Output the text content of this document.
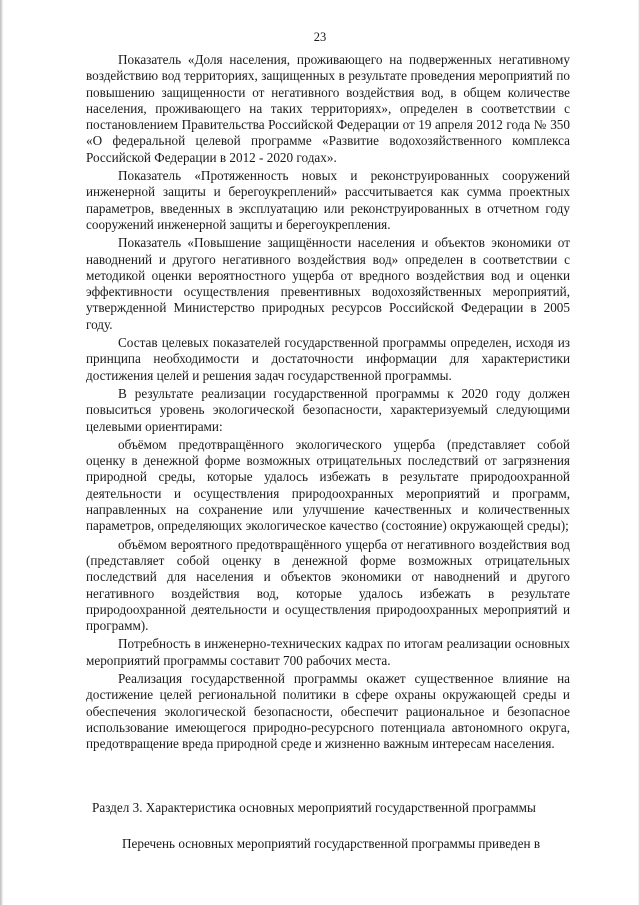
23

Показатель «Доля населения, проживающего на подверженных негативному воздействию вод территориях, защищенных в результате проведения мероприятий по повышению защищенности от негативного воздействия вод, в общем количестве населения, проживающего на таких территориях», определен в соответствии с постановлением Правительства Российской Федерации от 19 апреля 2012 года № 350 «О федеральной целевой программе «Развитие водохозяйственного комплекса Российской Федерации в 2012 - 2020 годах».

Показатель «Протяженность новых и реконструированных сооружений инженерной защиты и берегоукреплений» рассчитывается как сумма проектных параметров, введенных в эксплуатацию или реконструированных в отчетном году сооружений инженерной защиты и берегоукрепления.

Показатель «Повышение защищённости населения и объектов экономики от наводнений и другого негативного воздействия вод» определен в соответствии с методикой оценки вероятностного ущерба от вредного воздействия вод и оценки эффективности осуществления превентивных водохозяйственных мероприятий, утвержденной Министерство природных ресурсов Российской Федерации в 2005 году.

Состав целевых показателей государственной программы определен, исходя из принципа необходимости и достаточности информации для характеристики достижения целей и решения задач государственной программы.

В результате реализации государственной программы к 2020 году должен повыситься уровень экологической безопасности, характеризуемый следующими целевыми ориентирами:

объёмом предотвращённого экологического ущерба (представляет собой оценку в денежной форме возможных отрицательных последствий от загрязнения природной среды, которые удалось избежать в результате природоохранной деятельности и осуществления природоохранных мероприятий и программ, направленных на сохранение или улучшение качественных и количественных параметров, определяющих экологическое качество (состояние) окружающей среды);

объёмом вероятного предотвращённого ущерба от негативного воздействия вод (представляет собой оценку в денежной форме возможных отрицательных последствий для населения и объектов экономики от наводнений и другого негативного воздействия вод, которые удалось избежать в результате природоохранной деятельности и осуществления природоохранных мероприятий и программ).

Потребность в инженерно-технических кадрах по итогам реализации основных мероприятий программы составит 700 рабочих места.

Реализация государственной программы окажет существенное влияние на достижение целей региональной политики в сфере охраны окружающей среды и обеспечения экологической безопасности, обеспечит рациональное и безопасное использование имеющегося природно-ресурсного потенциала автономного округа, предотвращение вреда природной среде и жизненно важным интересам населения.

Раздел 3. Характеристика основных мероприятий государственной программы
Перечень основных мероприятий государственной программы приведен в
